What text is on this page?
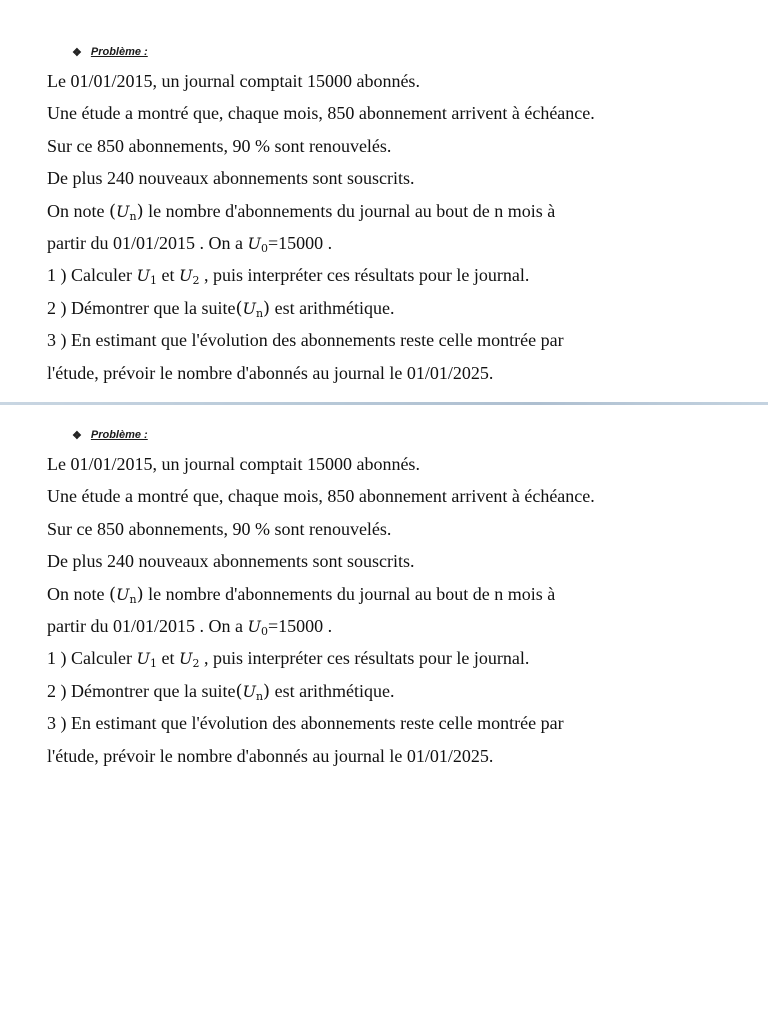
❖ Problème :
Le 01/01/2015, un journal comptait 15000 abonnés.
Une étude a montré que, chaque mois, 850 abonnement arrivent à échéance.
Sur ce 850 abonnements, 90 % sont renouvelés.
De plus 240 nouveaux abonnements sont souscrits.
On note $(U_n)$ le nombre d'abonnements du journal au bout de n mois à
partir du 01/01/2015 . On a $U_0=15000$ .
1 ) Calculer $U_1$ et $U_2$ , puis interpréter ces résultats pour le journal.
2 ) Démontrer que la $suite(U_n)$ est arithmétique.
3 ) En estimant que l'évolution des abonnements reste celle montrée par
l'étude, prévoir le nombre d'abonnés au journal le 01/01/2025.
❖ Problème :
Le 01/01/2015, un journal comptait 15000 abonnés.
Une étude a montré que, chaque mois, 850 abonnement arrivent à échéance.
Sur ce 850 abonnements, 90 % sont renouvelés.
De plus 240 nouveaux abonnements sont souscrits.
On note $(U_n)$ le nombre d'abonnements du journal au bout de n mois à
partir du 01/01/2015 . On a $U_0=15000$ .
1 ) Calculer $U_1$ et $U_2$ , puis interpréter ces résultats pour le journal.
2 ) Démontrer que la $suite(U_n)$ est arithmétique.
3 ) En estimant que l'évolution des abonnements reste celle montrée par
l'étude, prévoir le nombre d'abonnés au journal le 01/01/2025.
